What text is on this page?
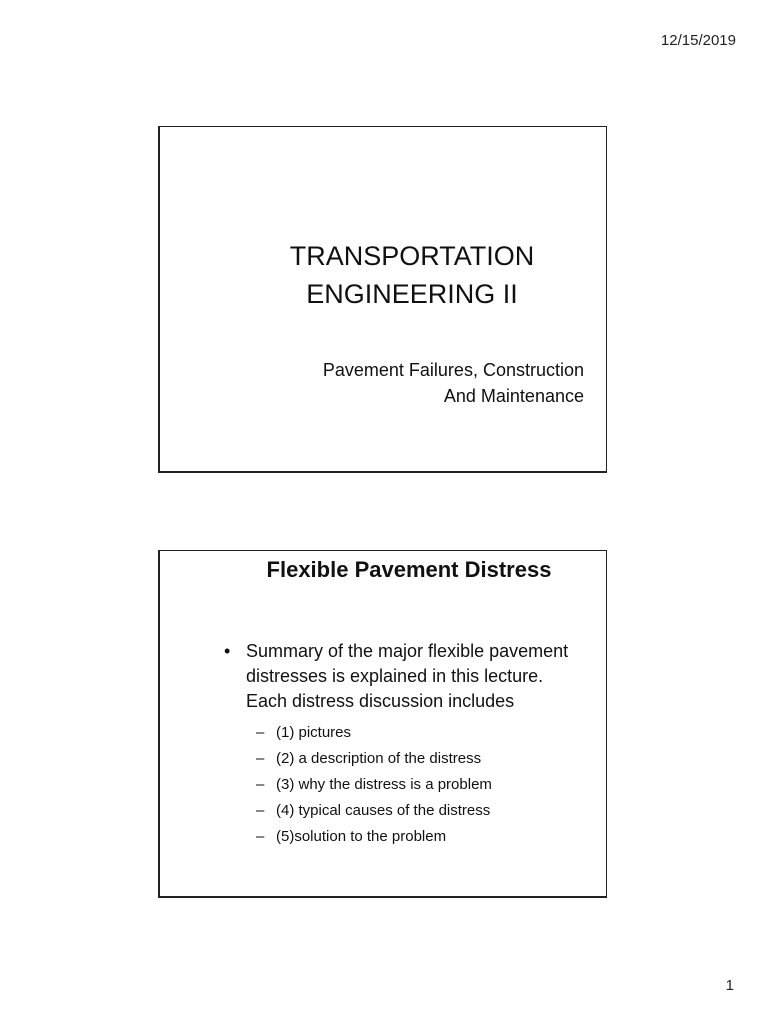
12/15/2019
TRANSPORTATION
ENGINEERING II
Pavement Failures, Construction
And Maintenance
Flexible Pavement Distress
• Summary of the major flexible pavement distresses is explained in this lecture. Each distress discussion includes
– (1) pictures
– (2) a description of the distress
– (3) why the distress is a problem
– (4) typical causes of the distress
– (5)solution to the problem
1
